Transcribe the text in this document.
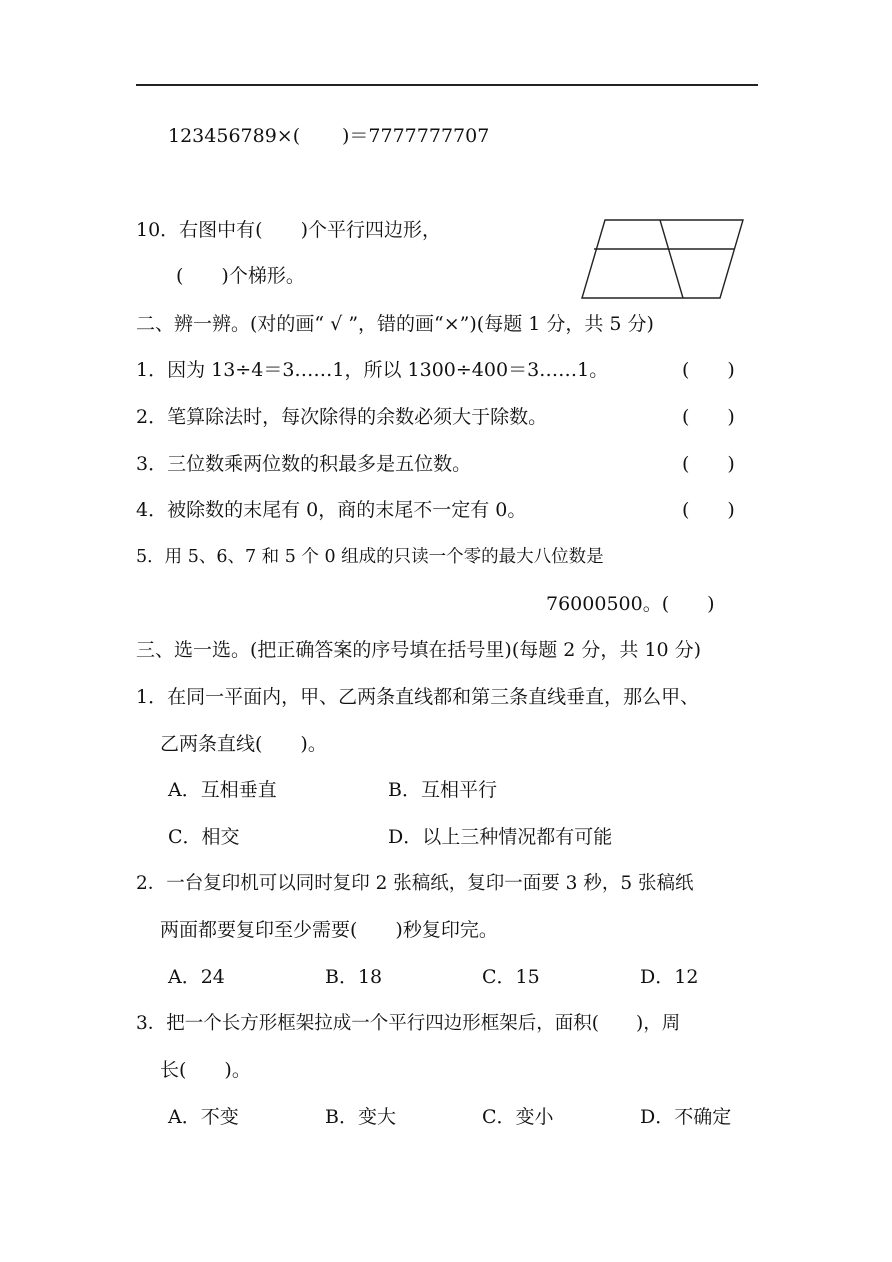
123456789×( )＝7777777707
10．右图中有(　　)个平行四边形，
(　　)个梯形。
二、辨一辨。(对的画“ √ ”，错的画“×”)(每题 1 分，共 5 分)
1．因为 13÷4＝3……1，所以 1300÷400＝3……1。	(　　)
2．笔算除法时，每次除得的余数必须大于除数。	(　　)
3．三位数乘两位数的积最多是五位数。	(　　)
4．被除数的末尾有 0，商的末尾不一定有 0。	(　　)
5．用 5、6、7 和 5 个 0 组成的只读一个零的最大八位数是
76000500。(　　)
三、选一选。(把正确答案的序号填在括号里)(每题 2 分，共 10 分)
1．在同一平面内，甲、乙两条直线都和第三条直线垂直，那么甲、
乙两条直线(　　)。
A．互相垂直	B．互相平行
C．相交	D．以上三种情况都有可能
2．一台复印机可以同时复印 2 张稿纸，复印一面要 3 秒，5 张稿纸
两面都要复印至少需要(　　)秒复印完。
A．24	B．18	C．15	D．12
3．把一个长方形框架拉成一个平行四边形框架后，面积(　　)，周
长(　　)。
A．不变	B．变大	C．变小	D．不确定
